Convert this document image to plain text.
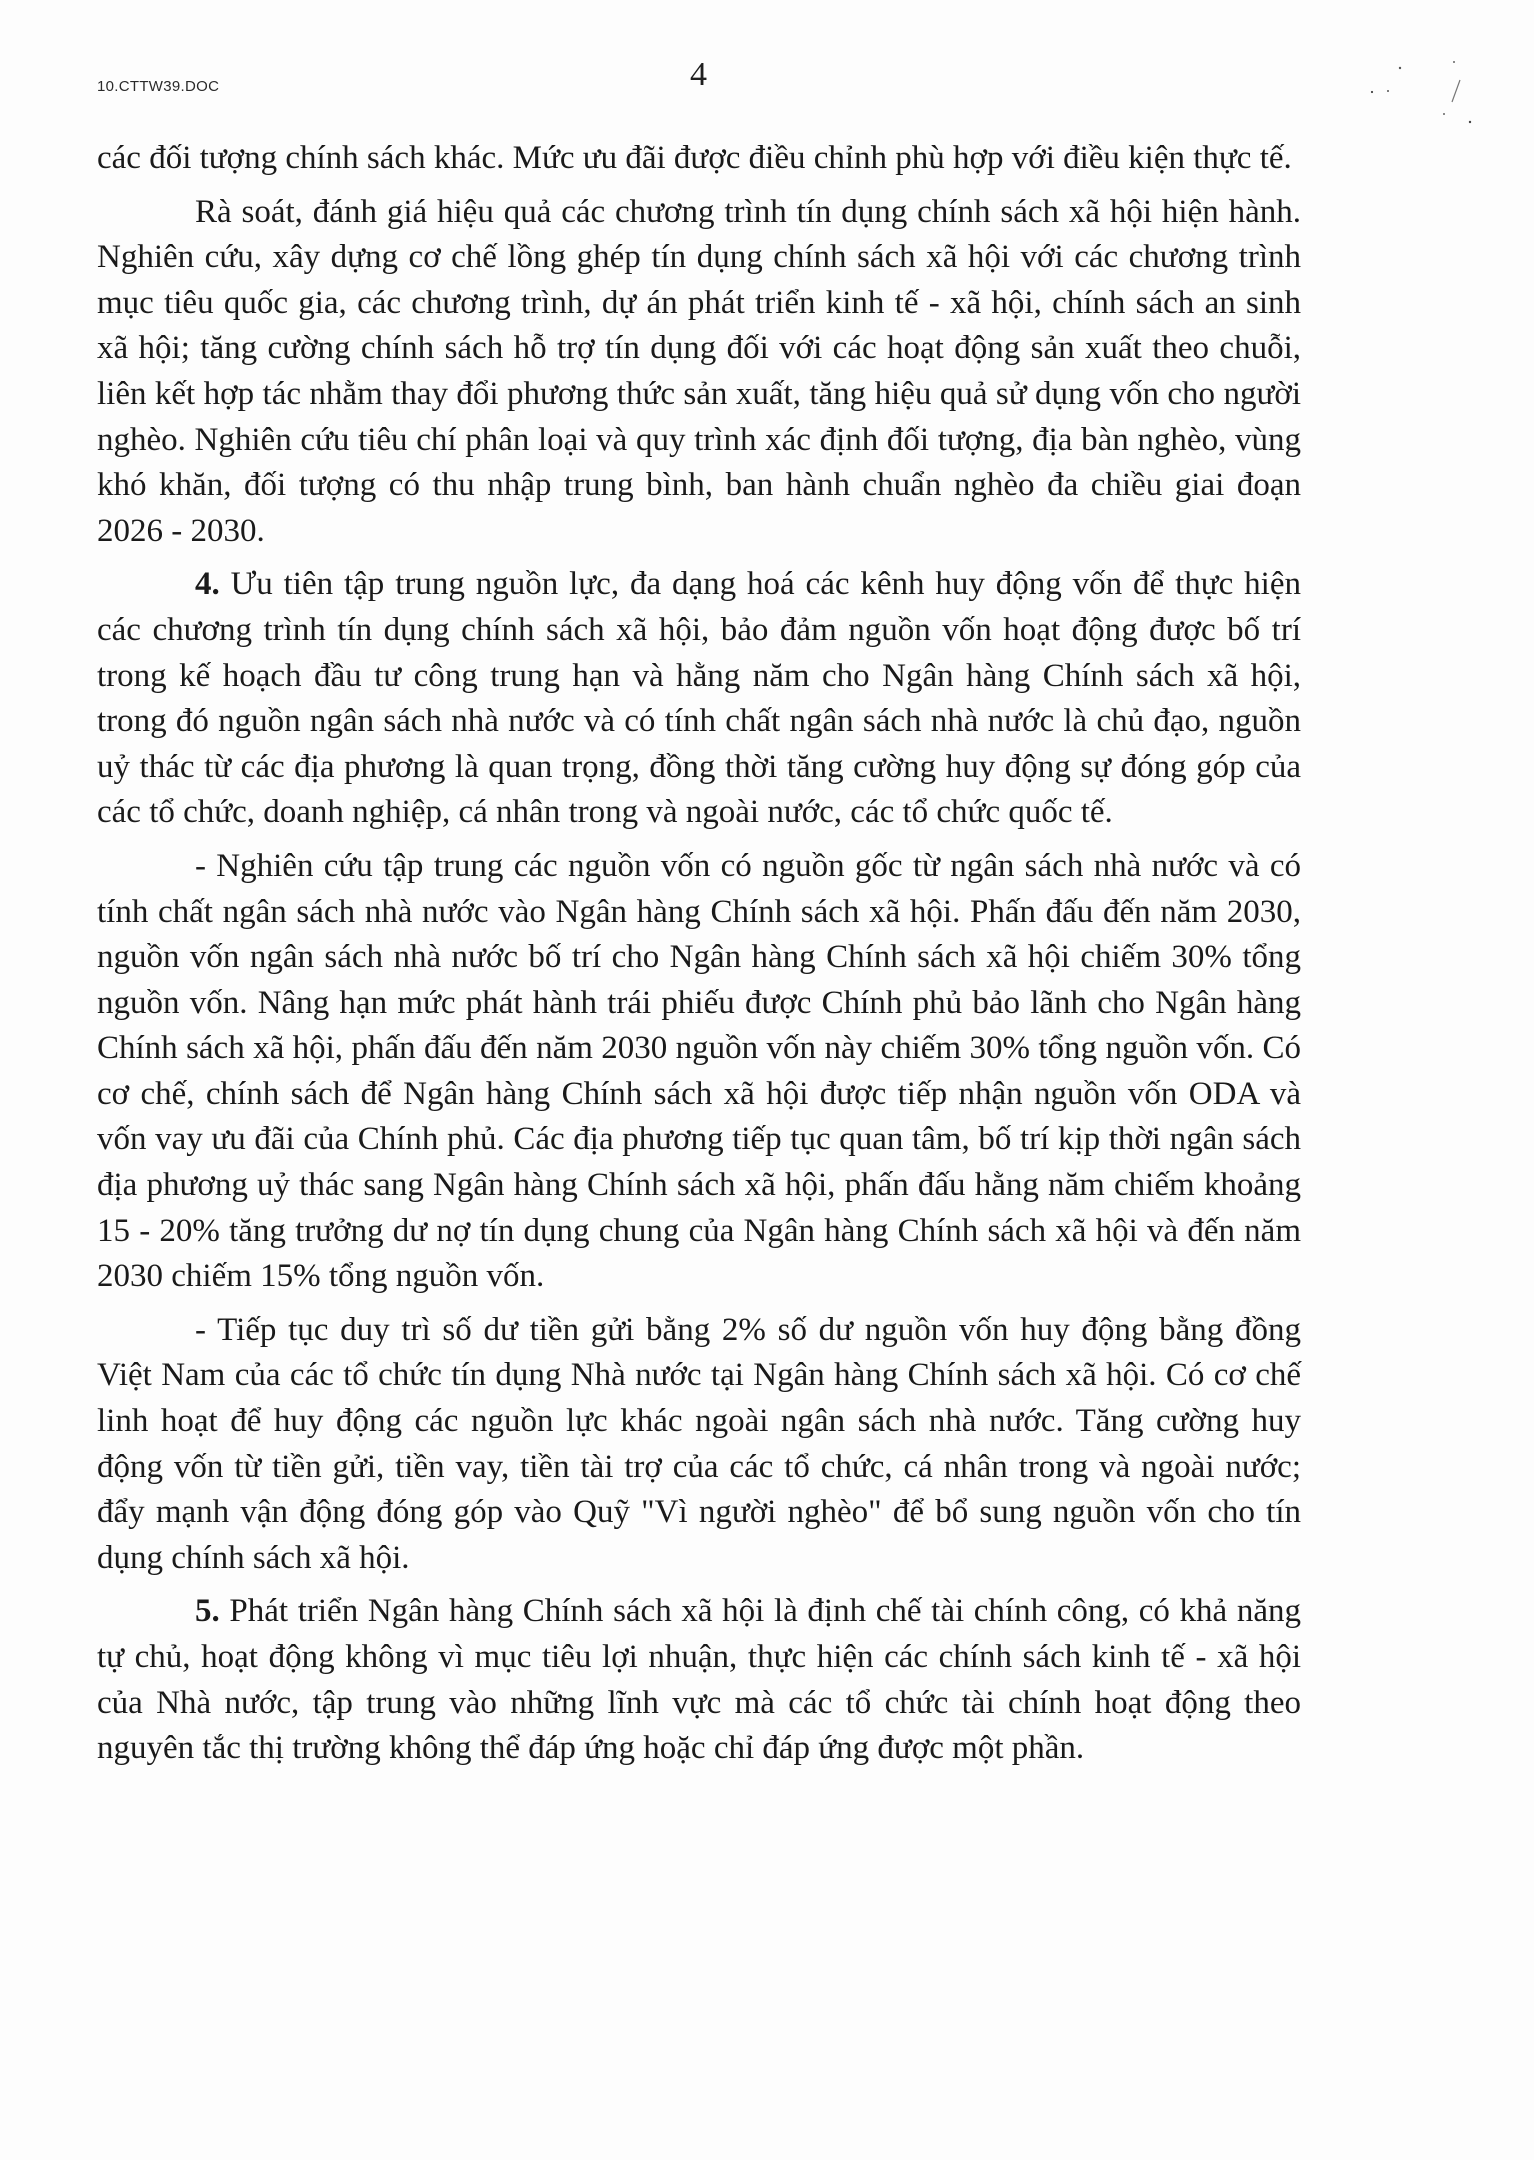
10.CTTW39.DOC	4

các đối tượng chính sách khác. Mức ưu đãi được điều chỉnh phù hợp với điều kiện thực tế.

Rà soát, đánh giá hiệu quả các chương trình tín dụng chính sách xã hội hiện hành. Nghiên cứu, xây dựng cơ chế lồng ghép tín dụng chính sách xã hội với các chương trình mục tiêu quốc gia, các chương trình, dự án phát triển kinh tế - xã hội, chính sách an sinh xã hội; tăng cường chính sách hỗ trợ tín dụng đối với các hoạt động sản xuất theo chuỗi, liên kết hợp tác nhằm thay đổi phương thức sản xuất, tăng hiệu quả sử dụng vốn cho người nghèo. Nghiên cứu tiêu chí phân loại và quy trình xác định đối tượng, địa bàn nghèo, vùng khó khăn, đối tượng có thu nhập trung bình, ban hành chuẩn nghèo đa chiều giai đoạn 2026 - 2030.

4. Ưu tiên tập trung nguồn lực, đa dạng hoá các kênh huy động vốn để thực hiện các chương trình tín dụng chính sách xã hội, bảo đảm nguồn vốn hoạt động được bố trí trong kế hoạch đầu tư công trung hạn và hằng năm cho Ngân hàng Chính sách xã hội, trong đó nguồn ngân sách nhà nước và có tính chất ngân sách nhà nước là chủ đạo, nguồn uỷ thác từ các địa phương là quan trọng, đồng thời tăng cường huy động sự đóng góp của các tổ chức, doanh nghiệp, cá nhân trong và ngoài nước, các tổ chức quốc tế.

- Nghiên cứu tập trung các nguồn vốn có nguồn gốc từ ngân sách nhà nước và có tính chất ngân sách nhà nước vào Ngân hàng Chính sách xã hội. Phấn đấu đến năm 2030, nguồn vốn ngân sách nhà nước bố trí cho Ngân hàng Chính sách xã hội chiếm 30% tổng nguồn vốn. Nâng hạn mức phát hành trái phiếu được Chính phủ bảo lãnh cho Ngân hàng Chính sách xã hội, phấn đấu đến năm 2030 nguồn vốn này chiếm 30% tổng nguồn vốn. Có cơ chế, chính sách để Ngân hàng Chính sách xã hội được tiếp nhận nguồn vốn ODA và vốn vay ưu đãi của Chính phủ. Các địa phương tiếp tục quan tâm, bố trí kịp thời ngân sách địa phương uỷ thác sang Ngân hàng Chính sách xã hội, phấn đấu hằng năm chiếm khoảng 15 - 20% tăng trưởng dư nợ tín dụng chung của Ngân hàng Chính sách xã hội và đến năm 2030 chiếm 15% tổng nguồn vốn.

- Tiếp tục duy trì số dư tiền gửi bằng 2% số dư nguồn vốn huy động bằng đồng Việt Nam của các tổ chức tín dụng Nhà nước tại Ngân hàng Chính sách xã hội. Có cơ chế linh hoạt để huy động các nguồn lực khác ngoài ngân sách nhà nước. Tăng cường huy động vốn từ tiền gửi, tiền vay, tiền tài trợ của các tổ chức, cá nhân trong và ngoài nước; đẩy mạnh vận động đóng góp vào Quỹ "Vì người nghèo" để bổ sung nguồn vốn cho tín dụng chính sách xã hội.

5. Phát triển Ngân hàng Chính sách xã hội là định chế tài chính công, có khả năng tự chủ, hoạt động không vì mục tiêu lợi nhuận, thực hiện các chính sách kinh tế - xã hội của Nhà nước, tập trung vào những lĩnh vực mà các tổ chức tài chính hoạt động theo nguyên tắc thị trường không thể đáp ứng hoặc chỉ đáp ứng được một phần.
